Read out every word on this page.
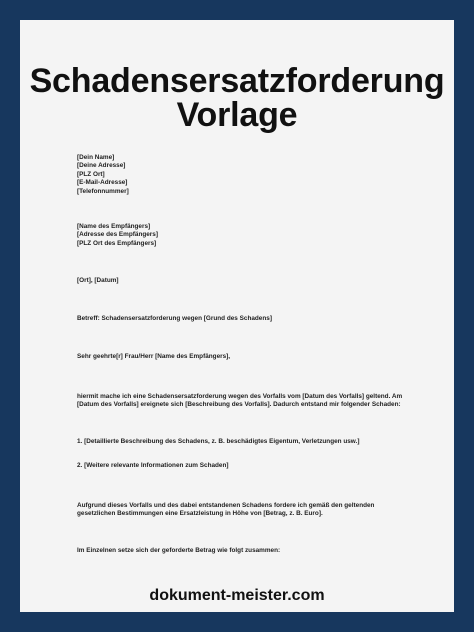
Schadensersatzforderung
Vorlage
[Dein Name]
[Deine Adresse]
[PLZ Ort]
[E-Mail-Adresse]
[Telefonnummer]
[Name des Empfängers]
[Adresse des Empfängers]
[PLZ Ort des Empfängers]
[Ort], [Datum]
Betreff: Schadensersatzforderung wegen [Grund des Schadens]
Sehr geehrte[r] Frau/Herr [Name des Empfängers],
hiermit mache ich eine Schadensersatzforderung wegen des Vorfalls vom [Datum des Vorfalls] geltend. Am
[Datum des Vorfalls] ereignete sich [Beschreibung des Vorfalls]. Dadurch entstand mir folgender Schaden:
1. [Detaillierte Beschreibung des Schadens, z. B. beschädigtes Eigentum, Verletzungen usw.]
2. [Weitere relevante Informationen zum Schaden]
Aufgrund dieses Vorfalls und des dabei entstandenen Schadens fordere ich gemäß den geltenden
gesetzlichen Bestimmungen eine Ersatzleistung in Höhe von [Betrag, z. B. Euro].
Im Einzelnen setze sich der geforderte Betrag wie folgt zusammen:
dokument-meister.com
